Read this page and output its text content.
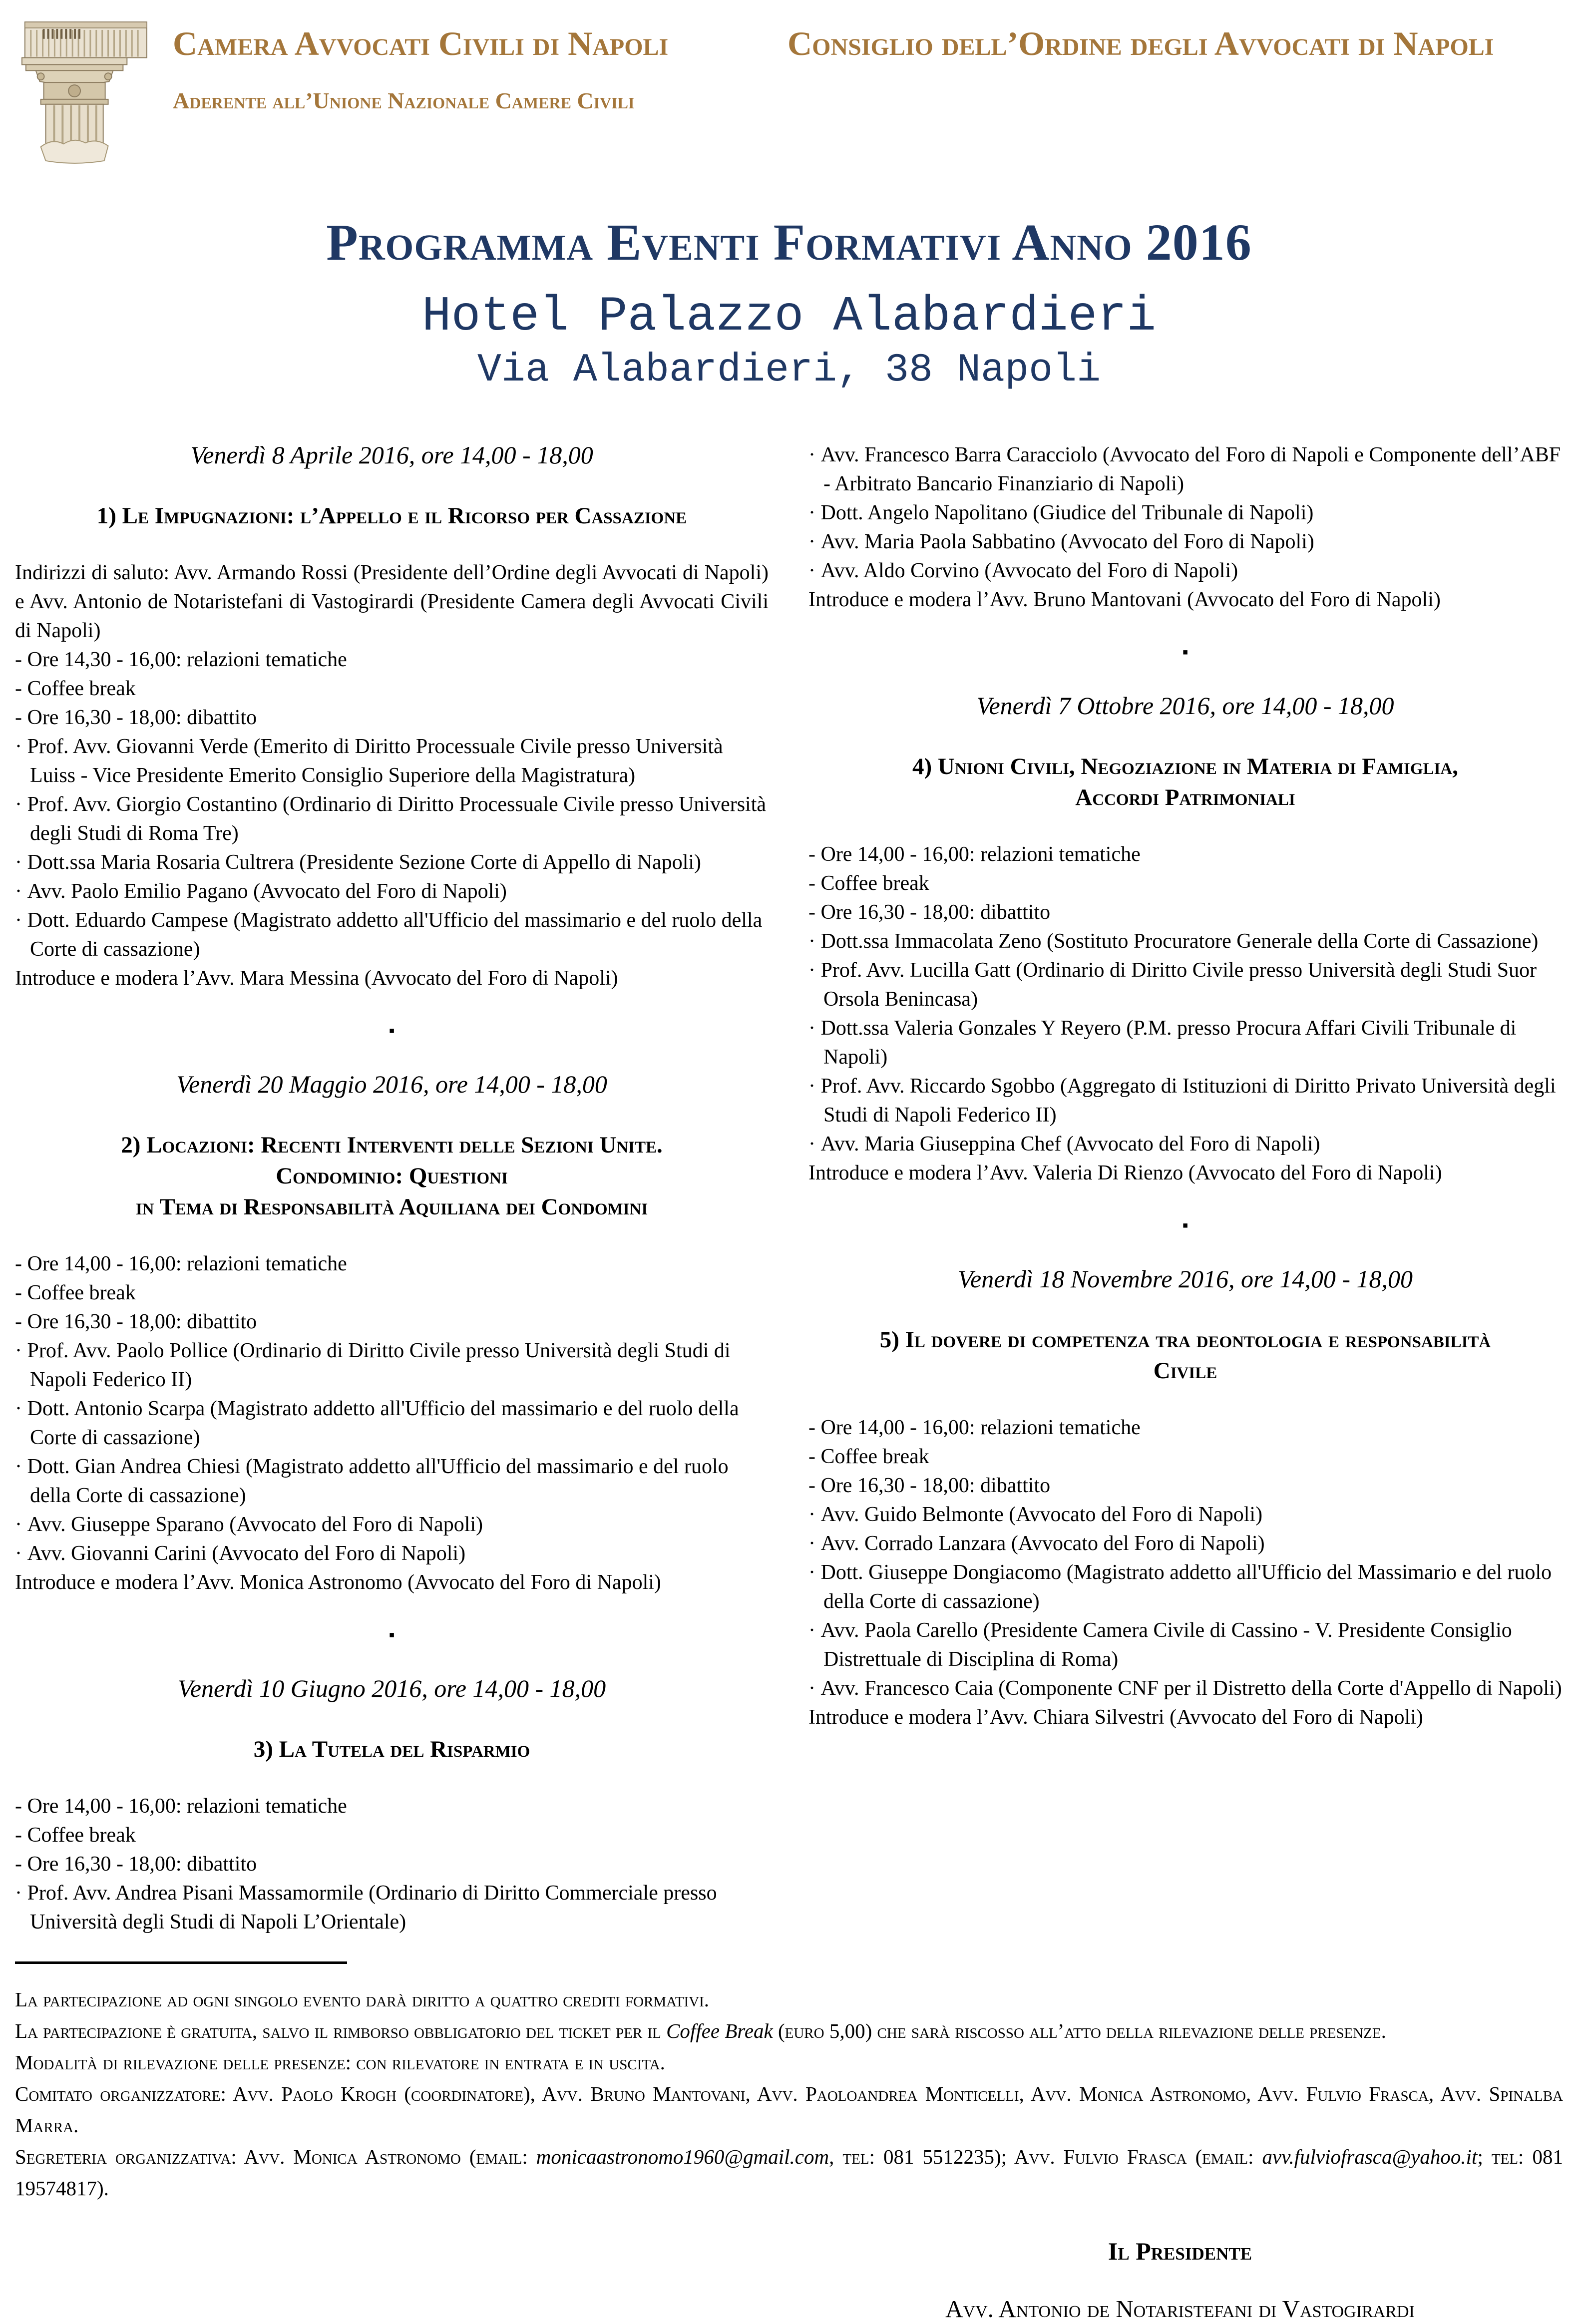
Camera Avvocati Civili di Napoli
Aderente all’Unione Nazionale Camere Civili
Consiglio dell’Ordine degli Avvocati di Napoli
Programma Eventi Formativi Anno 2016
Hotel Palazzo Alabardieri
Via Alabardieri, 38 Napoli
Venerdì 8 Aprile 2016, ore 14,00 - 18,00
1) Le Impugnazioni: l’Appello e il Ricorso per Cassazione
Indirizzi di saluto: Avv. Armando Rossi (Presidente dell’Ordine degli Avvocati di Napoli) e Avv. Antonio de Notaristefani di Vastogirardi (Presidente Camera degli Avvocati Civili di Napoli)
- Ore 14,30 - 16,00: relazioni tematiche
- Coffee break
- Ore 16,30 - 18,00: dibattito
· Prof. Avv. Giovanni Verde (Emerito di Diritto Processuale Civile presso Università Luiss - Vice Presidente Emerito Consiglio Superiore della Magistratura)
· Prof. Avv. Giorgio Costantino (Ordinario di Diritto Processuale Civile presso Università degli Studi di Roma Tre)
· Dott.ssa Maria Rosaria Cultrera (Presidente Sezione Corte di Appello di Napoli)
· Avv. Paolo Emilio Pagano (Avvocato del Foro di Napoli)
· Dott. Eduardo Campese (Magistrato addetto all'Ufficio del massimario e del ruolo della Corte di cassazione)
Introduce e modera l’Avv. Mara Messina (Avvocato del Foro di Napoli)
▪
Venerdì 20 Maggio 2016, ore 14,00 - 18,00
2) Locazioni: Recenti Interventi delle Sezioni Unite.
Condominio: Questioni
in Tema di Responsabilità Aquiliana dei Condomini
- Ore 14,00 - 16,00: relazioni tematiche
- Coffee break
- Ore 16,30 - 18,00: dibattito
· Prof. Avv. Paolo Pollice (Ordinario di Diritto Civile presso Università degli Studi di Napoli Federico II)
· Dott. Antonio Scarpa (Magistrato addetto all'Ufficio del massimario e del ruolo della Corte di cassazione)
· Dott. Gian Andrea Chiesi (Magistrato addetto all'Ufficio del massimario e del ruolo della Corte di cassazione)
· Avv. Giuseppe Sparano (Avvocato del Foro di Napoli)
· Avv. Giovanni Carini (Avvocato del Foro di Napoli)
Introduce e modera l’Avv. Monica Astronomo (Avvocato del Foro di Napoli)
▪
Venerdì 10 Giugno 2016, ore 14,00 - 18,00
3) La Tutela del Risparmio
- Ore 14,00 - 16,00: relazioni tematiche
- Coffee break
- Ore 16,30 - 18,00: dibattito
· Prof. Avv. Andrea Pisani Massamormile (Ordinario di Diritto Commerciale presso Università degli Studi di Napoli L’Orientale)
· Avv. Francesco Barra Caracciolo (Avvocato del Foro di Napoli e Componente dell’ABF - Arbitrato Bancario Finanziario di Napoli)
· Dott. Angelo Napolitano (Giudice del Tribunale di Napoli)
· Avv. Maria Paola Sabbatino (Avvocato del Foro di Napoli)
· Avv. Aldo Corvino (Avvocato del Foro di Napoli)
Introduce e modera l’Avv. Bruno Mantovani (Avvocato del Foro di Napoli)
▪
Venerdì 7 Ottobre 2016, ore 14,00 - 18,00
4) Unioni Civili, Negoziazione in Materia di Famiglia,
Accordi Patrimoniali
- Ore 14,00 - 16,00: relazioni tematiche
- Coffee break
- Ore 16,30 - 18,00: dibattito
· Dott.ssa Immacolata Zeno (Sostituto Procuratore Generale della Corte di Cassazione)
· Prof. Avv. Lucilla Gatt (Ordinario di Diritto Civile presso Università degli Studi Suor Orsola Benincasa)
· Dott.ssa Valeria Gonzales Y Reyero (P.M. presso Procura Affari Civili Tribunale di Napoli)
· Prof. Avv. Riccardo Sgobbo (Aggregato di Istituzioni di Diritto Privato Università degli Studi di Napoli Federico II)
· Avv. Maria Giuseppina Chef (Avvocato del Foro di Napoli)
Introduce e modera l’Avv. Valeria Di Rienzo (Avvocato del Foro di Napoli)
▪
Venerdì 18 Novembre 2016, ore 14,00 - 18,00
5) Il dovere di competenza tra deontologia e responsabilità
Civile
- Ore 14,00 - 16,00: relazioni tematiche
- Coffee break
- Ore 16,30 - 18,00: dibattito
· Avv. Guido Belmonte (Avvocato del Foro di Napoli)
· Avv. Corrado Lanzara (Avvocato del Foro di Napoli)
· Dott. Giuseppe Dongiacomo (Magistrato addetto all'Ufficio del Massimario e del ruolo della Corte di cassazione)
· Avv. Paola Carello (Presidente Camera Civile di Cassino - V. Presidente Consiglio Distrettuale di Disciplina di Roma)
· Avv. Francesco Caia (Componente CNF per il Distretto della Corte d'Appello di Napoli)
Introduce e modera l’Avv. Chiara Silvestri (Avvocato del Foro di Napoli)

La partecipazione ad ogni singolo evento darà diritto a quattro crediti formativi.

La partecipazione è gratuita, salvo il rimborso obbligatorio del ticket per il Coffee Break (euro 5,00) che sarà riscosso all’atto della rilevazione delle presenze.

Modalità di rilevazione delle presenze: con rilevatore in entrata e in uscita.

Comitato organizzatore: Avv. Paolo Krogh (coordinatore), Avv. Bruno Mantovani, Avv. Paoloandrea Monticelli, Avv. Monica Astronomo, Avv. Fulvio Frasca, Avv. Spinalba Marra.

Segreteria organizzativa: Avv. Monica Astronomo (email: monicaastronomo1960@gmail.com, tel: 081 5512235); Avv. Fulvio Frasca (email: avv.fulviofrasca@yahoo.it; tel: 081 19574817).

Il Presidente
Avv. Antonio de Notaristefani di Vastogirardi
